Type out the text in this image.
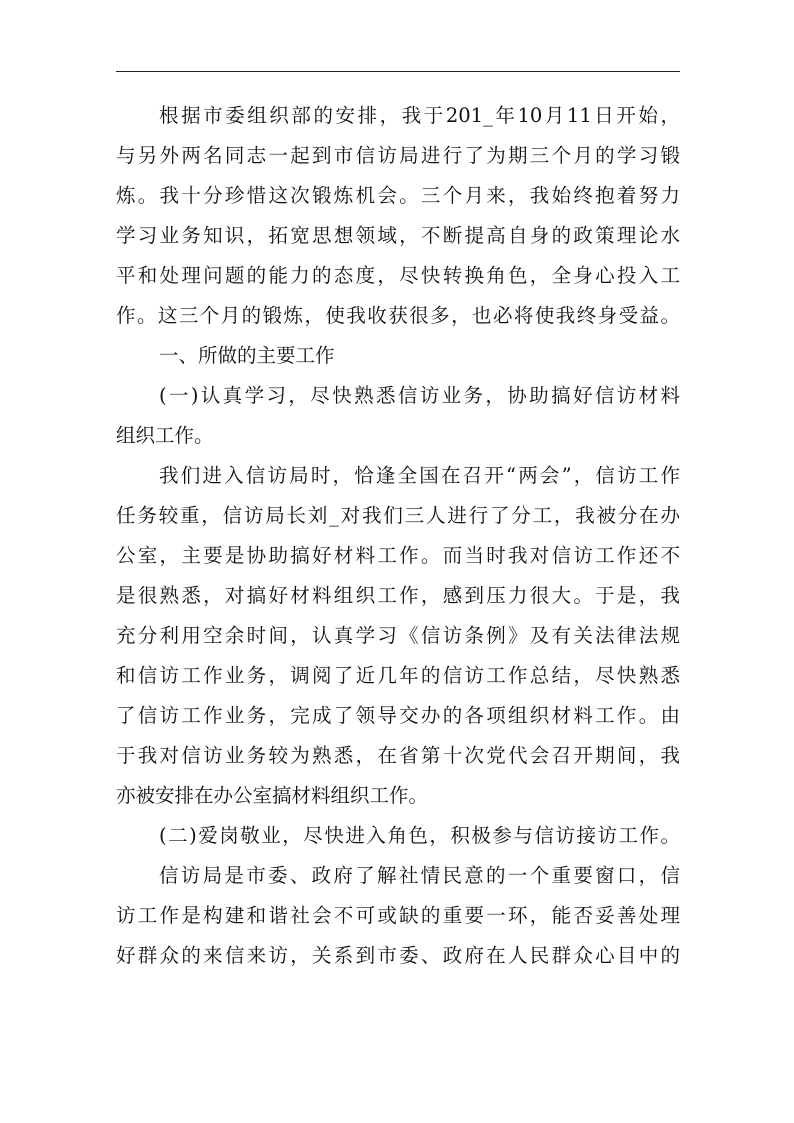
根据市委组织部的安排，我于201_年10月11日开始，
与另外两名同志一起到市信访局进行了为期三个月的学习锻
炼。我十分珍惜这次锻炼机会。三个月来，我始终抱着努力
学习业务知识，拓宽思想领域，不断提高自身的政策理论水
平和处理问题的能力的态度，尽快转换角色，全身心投入工
作。这三个月的锻炼，使我收获很多，也必将使我终身受益。
一、所做的主要工作
(一)认真学习，尽快熟悉信访业务，协助搞好信访材料
组织工作。
我们进入信访局时，恰逢全国在召开“两会”，信访工作
任务较重，信访局长刘_对我们三人进行了分工，我被分在办
公室，主要是协助搞好材料工作。而当时我对信访工作还不
是很熟悉，对搞好材料组织工作，感到压力很大。于是，我
充分利用空余时间，认真学习《信访条例》及有关法律法规
和信访工作业务，调阅了近几年的信访工作总结，尽快熟悉
了信访工作业务，完成了领导交办的各项组织材料工作。由
于我对信访业务较为熟悉，在省第十次党代会召开期间，我
亦被安排在办公室搞材料组织工作。
(二)爱岗敬业，尽快进入角色，积极参与信访接访工作。
信访局是市委、政府了解社情民意的一个重要窗口，信
访工作是构建和谐社会不可或缺的重要一环，能否妥善处理
好群众的来信来访，关系到市委、政府在人民群众心目中的
